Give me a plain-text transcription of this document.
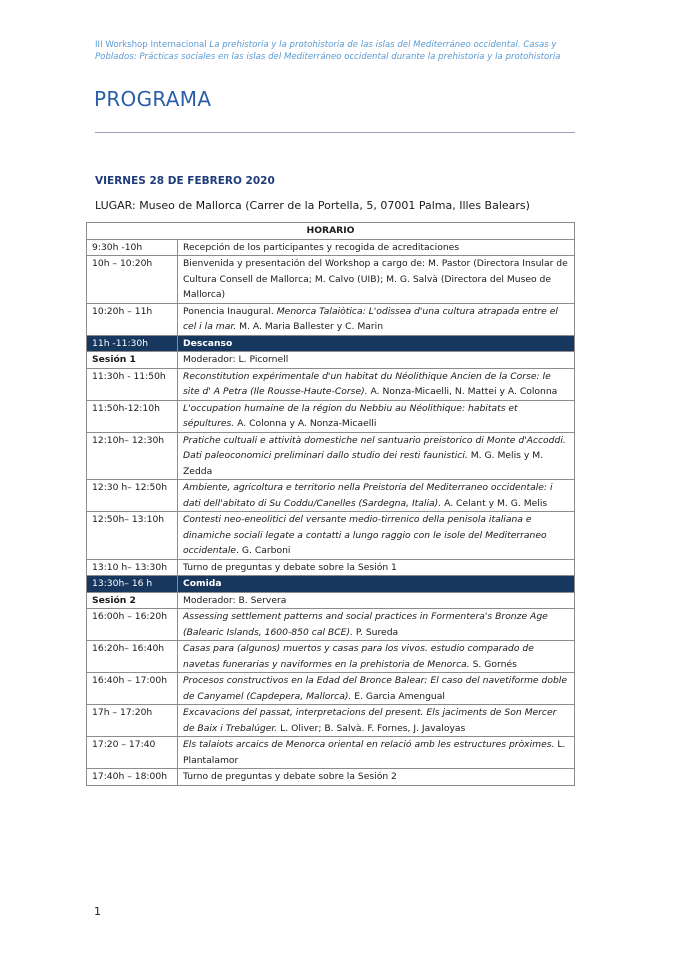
III Workshop Internacional La prehistoria y la protohistoria de las islas del Mediterráneo occidental. Casas y Poblados: Prácticas sociales en las islas del Mediterráneo occidental durante la prehistoria y la protohistoria
PROGRAMA
VIERNES 28 DE FEBRERO 2020
LUGAR: Museo de Mallorca (Carrer de la Portella, 5, 07001 Palma, Illes Balears)
HORARIO	
9:30h -10h	Recepción de los participantes y recogida de acreditaciones
10h – 10:20h	Bienvenida y presentación del Workshop a cargo de: M. Pastor (Directora Insular de Cultura Consell de Mallorca; M. Calvo (UIB); M. G. Salvà (Directora del Museo de Mallorca)
10:20h – 11h	Ponencia Inaugural. Menorca Talaiòtica: L'odissea d'una cultura atrapada entre el cel i la mar. M. A. Maria Ballester y C. Marin
11h -11:30h	Descanso
Sesión 1	Moderador: L. Picornell
11:30h - 11:50h	Reconstitution expérimentale d'un habitat du Néolithique Ancien de la Corse: le site d' A Petra (Ile Rousse-Haute-Corse). A. Nonza-Micaelli, N. Mattei y A. Colonna
11:50h-12:10h	L'occupation humaine de la région du Nebbiu au Néolithique: habitats et sépultures. A. Colonna y A. Nonza-Micaelli
12:10h– 12:30h	Pratiche cultuali e attività domestiche nel santuario preistorico di Monte d'Accoddi. Dati paleoconomici preliminari dallo studio dei resti faunistici. M. G. Melis y M. Zedda
12:30 h– 12:50h	Ambiente, agricoltura e territorio nella Preistoria del Mediterraneo occidentale: i dati dell'abitato di Su Coddu/Canelles (Sardegna, Italia). A. Celant y M. G. Melis
12:50h– 13:10h	Contesti neo-eneolitici del versante medio-tirrenico della penisola italiana e dinamiche sociali legate a contatti a lungo raggio con le isole del Mediterraneo occidentale. G. Carboni
13:10 h– 13:30h	Turno de preguntas y debate sobre la Sesión 1
13:30h– 16 h	Comida
Sesión 2	Moderador: B. Servera
16:00h – 16:20h	Assessing settlement patterns and social practices in Formentera's Bronze Age (Balearic Islands, 1600-850 cal BCE). P. Sureda
16:20h– 16:40h	Casas para (algunos) muertos y casas para los vivos. estudio comparado de navetas funerarias y naviformes en la prehistoria de Menorca. S. Gornés
16:40h – 17:00h	Procesos constructivos en la Edad del Bronce Balear: El caso del navetiforme doble de Canyamel (Capdepera, Mallorca). E. Garcia Amengual
17h – 17:20h	Excavacions del passat, interpretacions del present. Els jaciments de Son Mercer de Baix i Trebalúger. L. Oliver; B. Salvà. F. Fornes, J. Javaloyas
17:20 – 17:40	Els talaiots arcaics de Menorca oriental en relació amb les estructures pròximes. L. Plantalamor
17:40h – 18:00h	Turno de preguntas y debate sobre la Sesión 2
1
